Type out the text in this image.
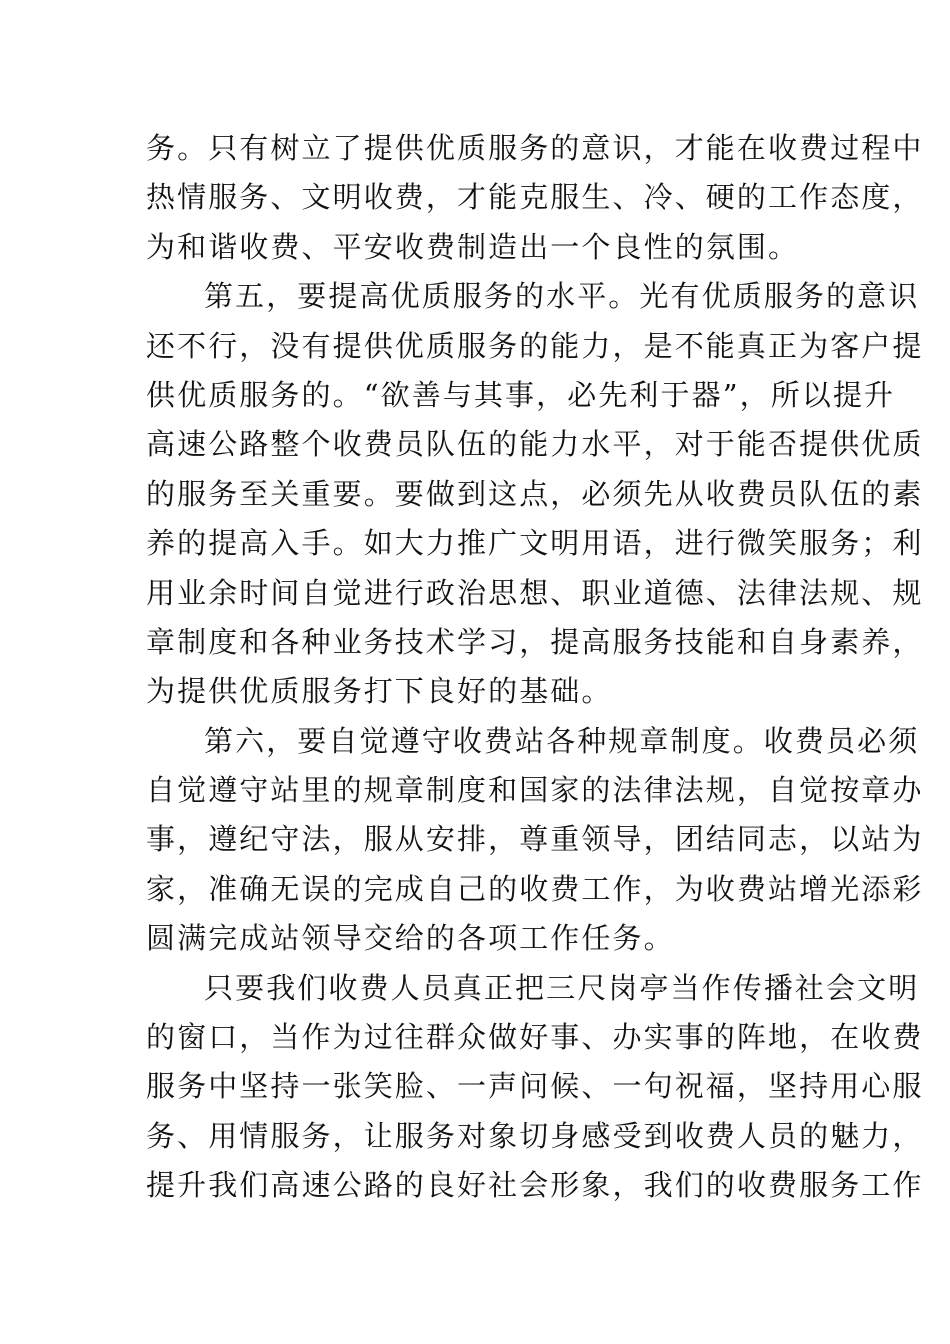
务。只有树立了提供优质服务的意识，才能在收费过程中
热情服务、文明收费，才能克服生、冷、硬的工作态度，
为和谐收费、平安收费制造出一个良性的氛围。
第五，要提高优质服务的水平。光有优质服务的意识
还不行，没有提供优质服务的能力，是不能真正为客户提
供优质服务的。“欲善与其事，必先利于器”，所以提升
高速公路整个收费员队伍的能力水平，对于能否提供优质
的服务至关重要。要做到这点，必须先从收费员队伍的素
养的提高入手。如大力推广文明用语，进行微笑服务；利
用业余时间自觉进行政治思想、职业道德、法律法规、规
章制度和各种业务技术学习，提高服务技能和自身素养，
为提供优质服务打下良好的基础。
第六，要自觉遵守收费站各种规章制度。收费员必须
自觉遵守站里的规章制度和国家的法律法规，自觉按章办
事，遵纪守法，服从安排，尊重领导，团结同志，以站为
家，准确无误的完成自己的收费工作，为收费站增光添彩
圆满完成站领导交给的各项工作任务。
只要我们收费人员真正把三尺岗亭当作传播社会文明
的窗口，当作为过往群众做好事、办实事的阵地，在收费
服务中坚持一张笑脸、一声问候、一句祝福，坚持用心服
务、用情服务，让服务对象切身感受到收费人员的魅力，
提升我们高速公路的良好社会形象，我们的收费服务工作
